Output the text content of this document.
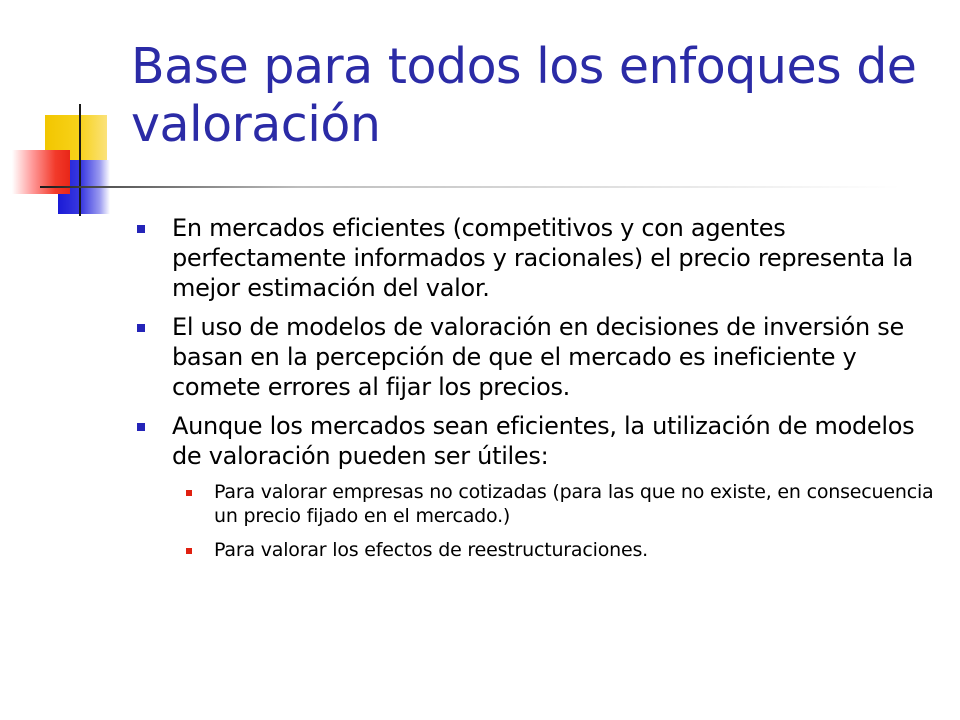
Base para todos los enfoques de valoración
En mercados eficientes (competitivos y con agentes perfectamente informados y racionales) el precio representa la mejor estimación del valor.
El uso de modelos de valoración en decisiones de inversión se basan en la percepción de que el mercado es ineficiente y comete errores al fijar los precios.
Aunque los mercados sean eficientes, la utilización de modelos de valoración pueden ser útiles:
Para valorar empresas no cotizadas (para las que no existe, en consecuencia un precio fijado en el mercado.)
Para valorar los efectos de reestructuraciones.
